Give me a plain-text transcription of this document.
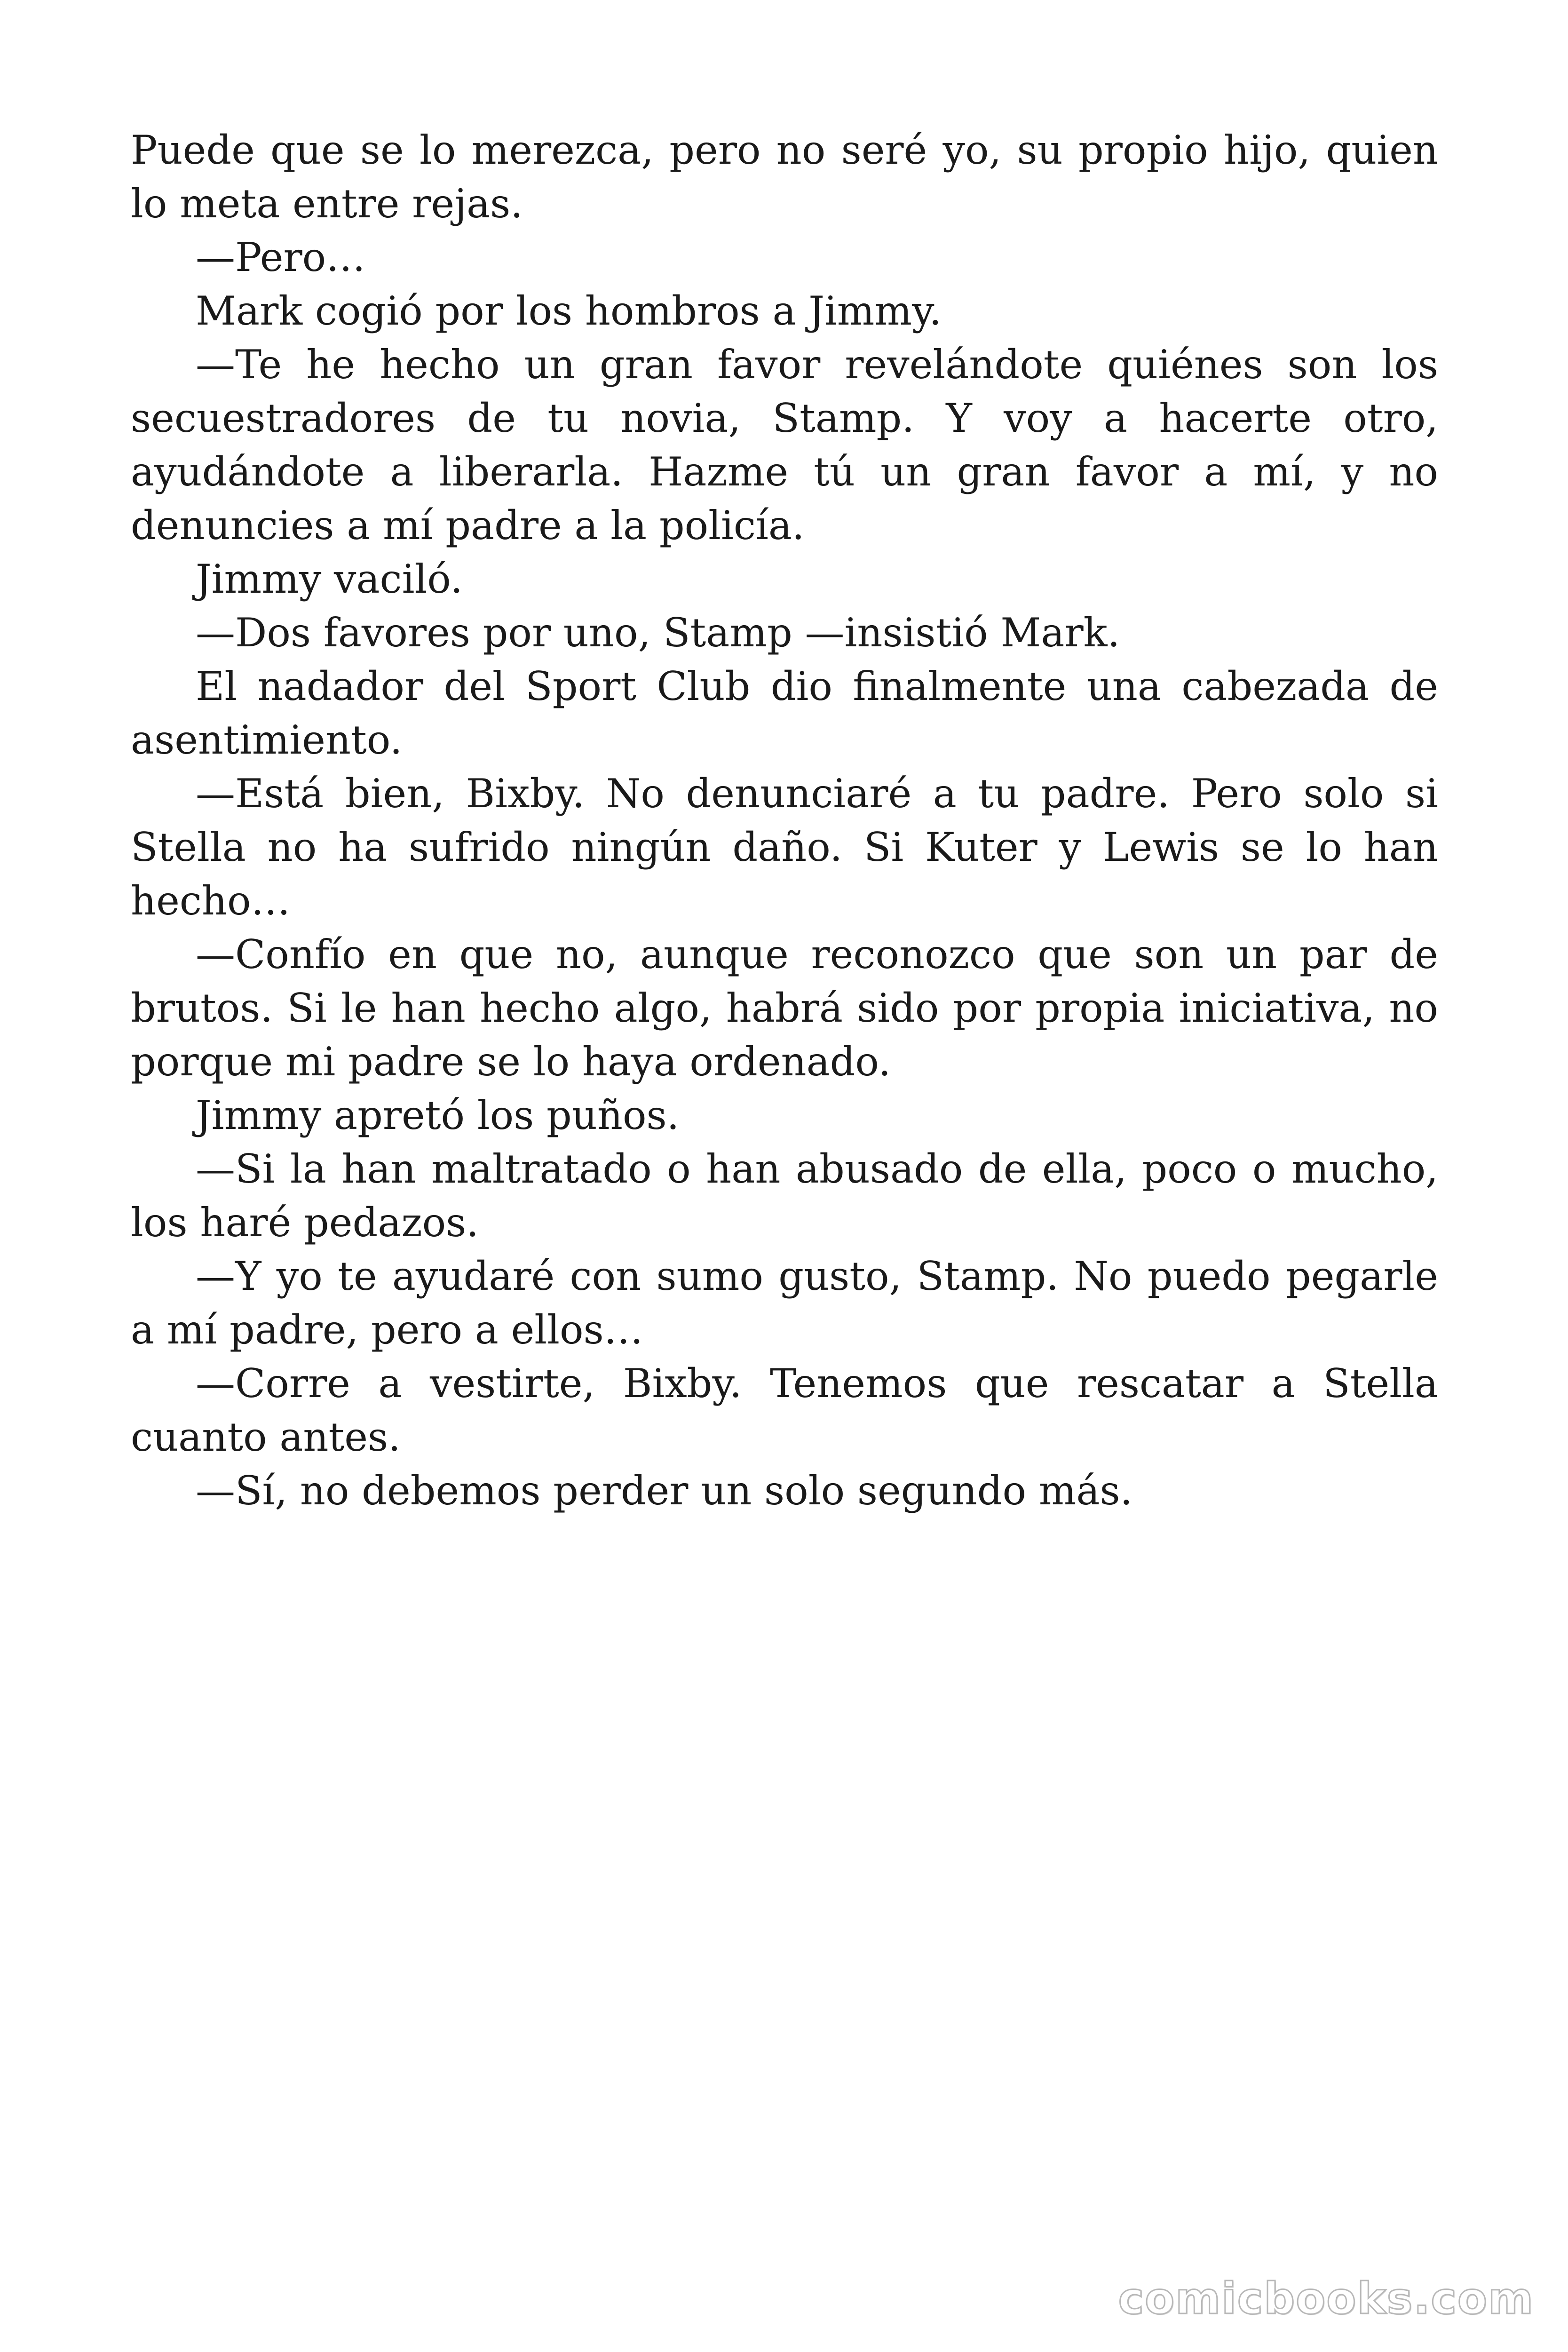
Puede que se lo merezca, pero no seré yo, su propio hijo, quien lo meta entre rejas.

—Pero…

Mark cogió por los hombros a Jimmy.

—Te he hecho un gran favor revelándote quiénes son los secuestradores de tu novia, Stamp. Y voy a hacerte otro, ayudándote a liberarla. Hazme tú un gran favor a mí, y no denuncies a mí padre a la policía.

Jimmy vaciló.

—Dos favores por uno, Stamp —insistió Mark.

El nadador del Sport Club dio finalmente una cabezada de asentimiento.

—Está bien, Bixby. No denunciaré a tu padre. Pero solo si Stella no ha sufrido ningún daño. Si Kuter y Lewis se lo han hecho…

—Confío en que no, aunque reconozco que son un par de brutos. Si le han hecho algo, habrá sido por propia iniciativa, no porque mi padre se lo haya ordenado.

Jimmy apretó los puños.

—Si la han maltratado o han abusado de ella, poco o mucho, los haré pedazos.

—Y yo te ayudaré con sumo gusto, Stamp. No puedo pegarle a mí padre, pero a ellos…

—Corre a vestirte, Bixby. Tenemos que rescatar a Stella cuanto antes.

—Sí, no debemos perder un solo segundo más.

comicbooks.com
